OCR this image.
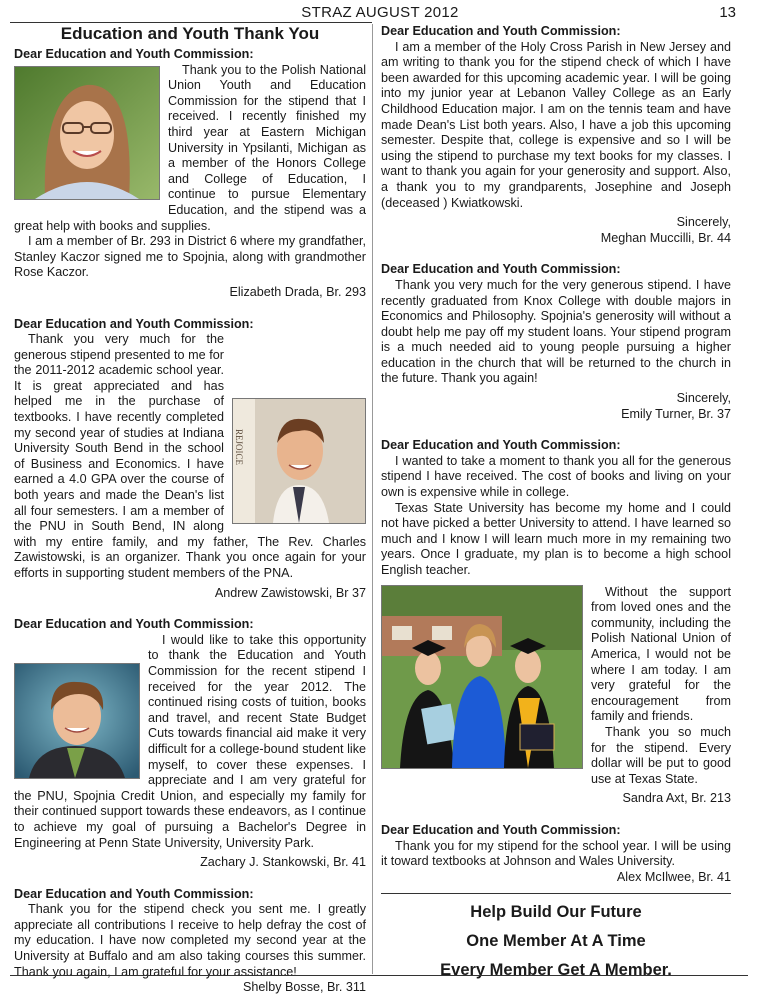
STRAZ AUGUST 2012	13
Education and Youth Thank You
Dear Education and Youth Commission:

Thank you to the Polish National Union Youth and Education Commission for the stipend that I received. I recently finished my third year at Eastern Michigan University in Ypsilanti, Michigan as a member of the Honors College and College of Education, I continue to pursue Elementary Education, and the stipend was a great help with books and supplies.

I am a member of Br. 293 in District 6 where my grandfather, Stanley Kaczor signed me to Spojnia, along with grandmother Rose Kaczor.

Elizabeth Drada, Br. 293
Dear Education and Youth Commission:
REJOICE

Thank you very much for the generous stipend presented to me for the 2011-2012 academic school year. It is great appreciated and has helped me in the purchase of textbooks. I have recently completed my second year of studies at Indiana University South Bend in the school of Business and Economics. I have earned a 4.0 GPA over the course of both years and made the Dean's list all four semesters. I am a member of the PNU in South Bend, IN along with my entire family, and my father, The Rev. Charles Zawistowski, is an organizer. Thank you once again for your efforts in supporting student members of the PNA.

Andrew Zawistowski, Br 37
Dear Education and Youth Commission:

I would like to take this opportunity to thank the Education and Youth Commission for the recent stipend I received for the year 2012. The continued rising costs of tuition, books and travel, and recent State Budget Cuts towards financial aid make it very difficult for a college-bound student like myself, to cover these expenses. I appreciate and I am very grateful for the PNU, Spojnia Credit Union, and especially my family for their continued support towards these endeavors, as I continue to achieve my goal of pursuing a Bachelor's Degree in Engineering at Penn State University, University Park.

Zachary J. Stankowski, Br. 41
Dear Education and Youth Commission:

Thank you for the stipend check you sent me. I greatly appreciate all contributions I receive to help defray the cost of my education. I have now completed my second year at the University at Buffalo and am also taking courses this summer. Thank you again, I am grateful for your assistance!

Shelby Bosse, Br. 311
Dear Education and Youth Commission:

I am a member of the Holy Cross Parish in New Jersey and am writing to thank you for the stipend check of which I have been awarded for this upcoming academic year. I will be going into my junior year at Lebanon Valley College as an Early Childhood Education major. I am on the tennis team and have made Dean's List both years. Also, I have a job this upcoming semester. Despite that, college is expensive and so I will be using the stipend to purchase my text books for my classes. I want to thank you again for your generosity and support. Also, a thank you to my grandparents, Josephine and Joseph (deceased ) Kwiatkowski.

Sincerely,
Meghan Muccilli, Br. 44
Dear Education and Youth Commission:

Thank you very much for the very generous stipend. I have recently graduated from Knox College with double majors in Economics and Philosophy. Spojnia's generosity will without a doubt help me pay off my student loans. Your stipend program is a much needed aid to young people pursuing a higher education in the church that will be returned to the church in the future. Thank you again!

Sincerely,
Emily Turner, Br. 37
Dear Education and Youth Commission:

I wanted to take a moment to thank you all for the generous stipend I have received. The cost of books and living on your own is expensive while in college.

Texas State University has become my home and I could not have picked a better University to attend. I have learned so much and I know I will learn much more in my remaining two years. Once I graduate, my plan is to become a high school English teacher.

Without the support from loved ones and the community, including the Polish National Union of America, I would not be where I am today. I am very grateful for the encouragement from family and friends.

Thank you so much for the stipend. Every dollar will be put to good use at Texas State.

Sandra Axt, Br. 213
Dear Education and Youth Commission:

Thank you for my stipend for the school year. I will be using it toward textbooks at Johnson and Wales University.

Alex McIlwee, Br. 41
Help Build Our Future
One Member At A Time
Every Member Get A Member.
